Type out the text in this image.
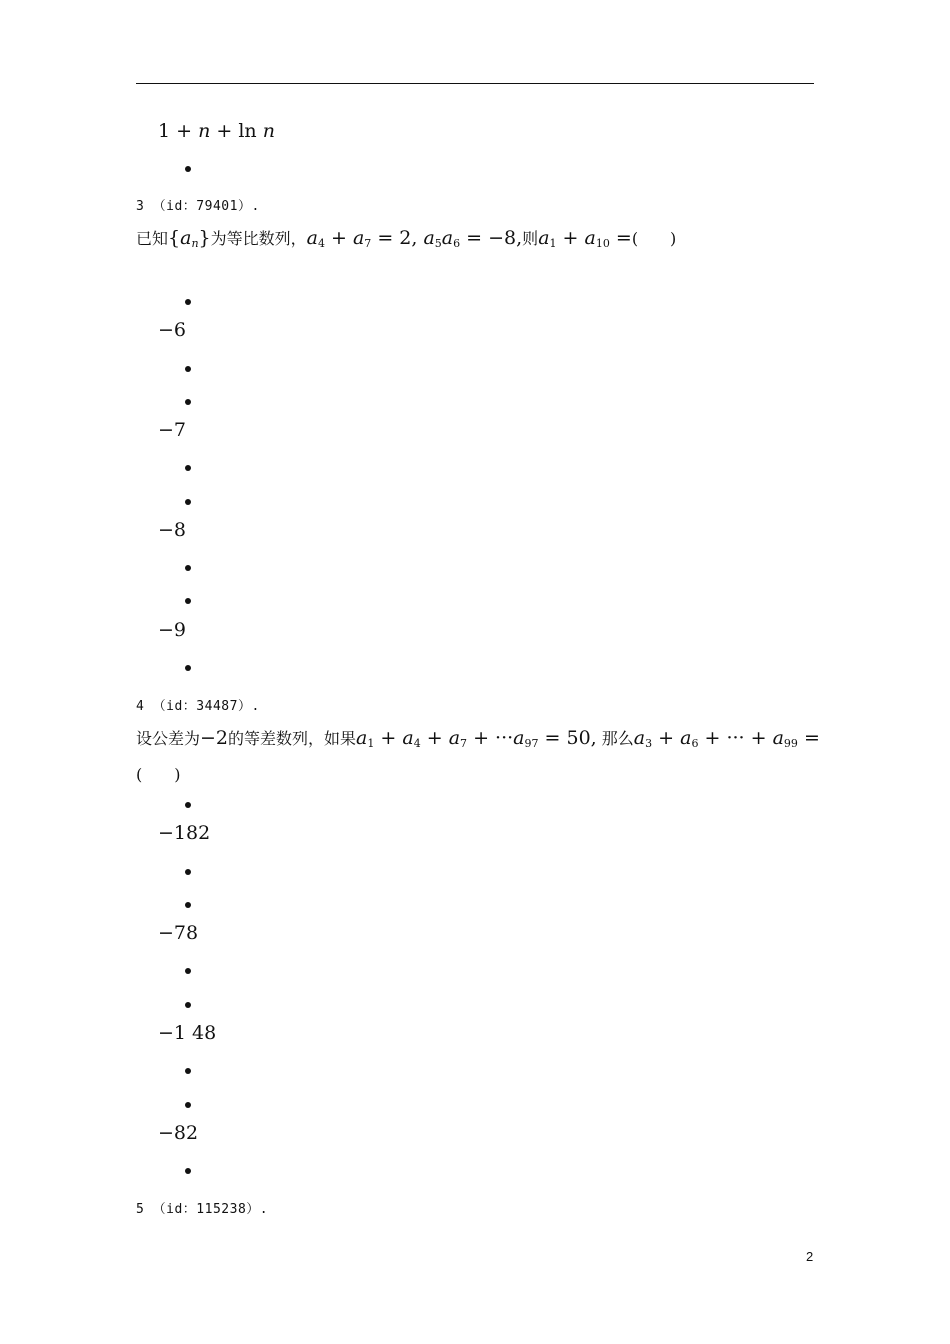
1 + n + ln n
3 （id：79401）.
已知$\{a_n\}$为等比数列，$a_4 + a_7 = 2$, $a_5a_6 = -8$,则$a_1 + a_{10}$ =(　　)
−6
−7
−8
−9
4 （id：34487）.
设公差为−2的等差数列，如果$a_1 + a_4 + a_7 + \cdot\cdot\cdot a_{97} = 50$, 那么$a_3 + a_6$ + ··· + $a_{99}$ =
(　　)
−182
−78
−1 48
−82
5 （id：115238）.
2
